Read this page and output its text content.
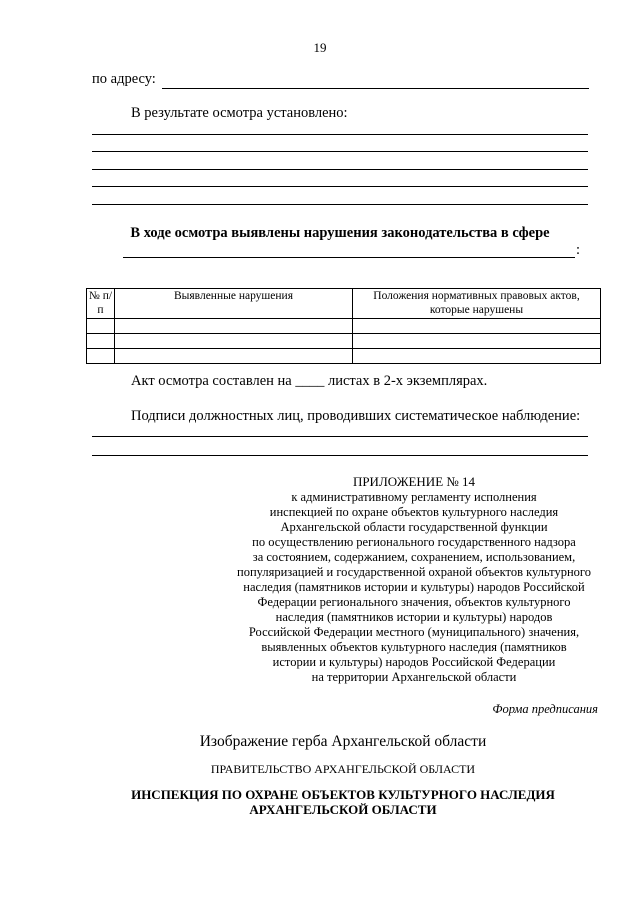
19
по адресу:
В результате осмотра установлено:
В ходе осмотра выявлены нарушения законодательства в сфере
:
№ п/п	Выявленные нарушения	Положения нормативных правовых актов, которые нарушены

Акт осмотра составлен на ____ листах в 2-х экземплярах.
Подписи должностных лиц, проводивших систематическое наблюдение:
ПРИЛОЖЕНИЕ № 14
к административному регламенту исполнения
инспекцией по охране объектов культурного наследия
Архангельской области государственной функции
по осуществлению регионального государственного надзора
за состоянием, содержанием, сохранением, использованием,
популяризацией и государственной охраной объектов культурного
наследия (памятников истории и культуры) народов Российской
Федерации регионального значения, объектов культурного
наследия (памятников истории и культуры) народов
Российской Федерации местного (муниципального) значения,
выявленных объектов культурного наследия (памятников
истории и культуры) народов Российской Федерации
на территории Архангельской области
Форма предписания
Изображение герба Архангельской области
ПРАВИТЕЛЬСТВО АРХАНГЕЛЬСКОЙ ОБЛАСТИ
ИНСПЕКЦИЯ ПО ОХРАНЕ ОБЪЕКТОВ КУЛЬТУРНОГО НАСЛЕДИЯ
АРХАНГЕЛЬСКОЙ ОБЛАСТИ
